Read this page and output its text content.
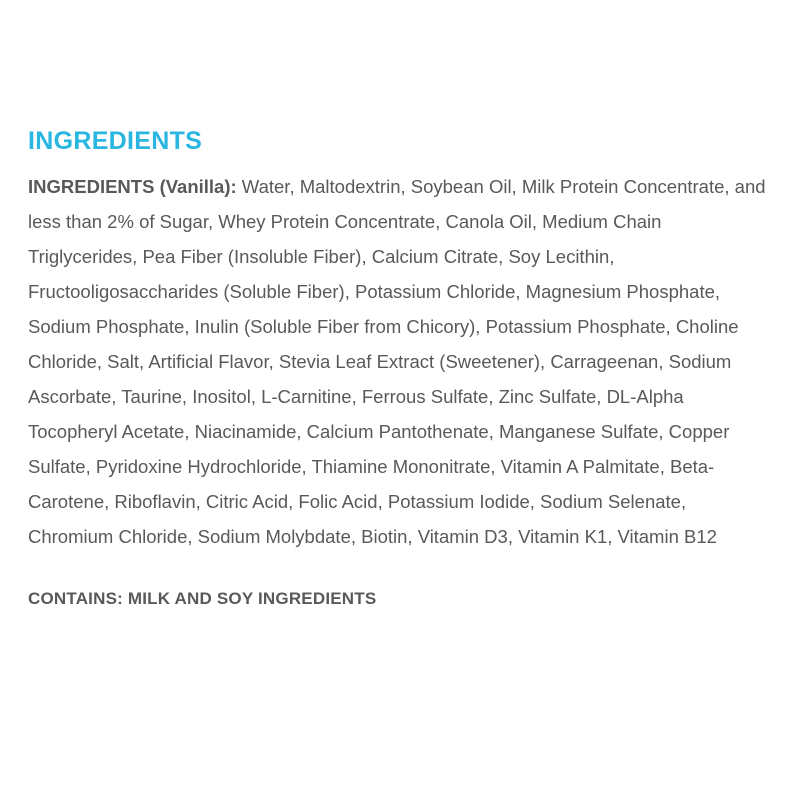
INGREDIENTS

INGREDIENTS (Vanilla): Water, Maltodextrin, Soybean Oil, Milk Protein Concentrate, and less than 2% of Sugar, Whey Protein Concentrate, Canola Oil, Medium Chain Triglycerides, Pea Fiber (Insoluble Fiber), Calcium Citrate, Soy Lecithin, Fructooligosaccharides (Soluble Fiber), Potassium Chloride, Magnesium Phosphate, Sodium Phosphate, Inulin (Soluble Fiber from Chicory), Potassium Phosphate, Choline Chloride, Salt, Artificial Flavor, Stevia Leaf Extract (Sweetener), Carrageenan, Sodium Ascorbate, Taurine, Inositol, L-Carnitine, Ferrous Sulfate, Zinc Sulfate, DL-Alpha Tocopheryl Acetate, Niacinamide, Calcium Pantothenate, Manganese Sulfate, Copper Sulfate, Pyridoxine Hydrochloride, Thiamine Mononitrate, Vitamin A Palmitate, Beta-Carotene, Riboflavin, Citric Acid, Folic Acid, Potassium Iodide, Sodium Selenate, Chromium Chloride, Sodium Molybdate, Biotin, Vitamin D3, Vitamin K1, Vitamin B12

CONTAINS: MILK AND SOY INGREDIENTS
